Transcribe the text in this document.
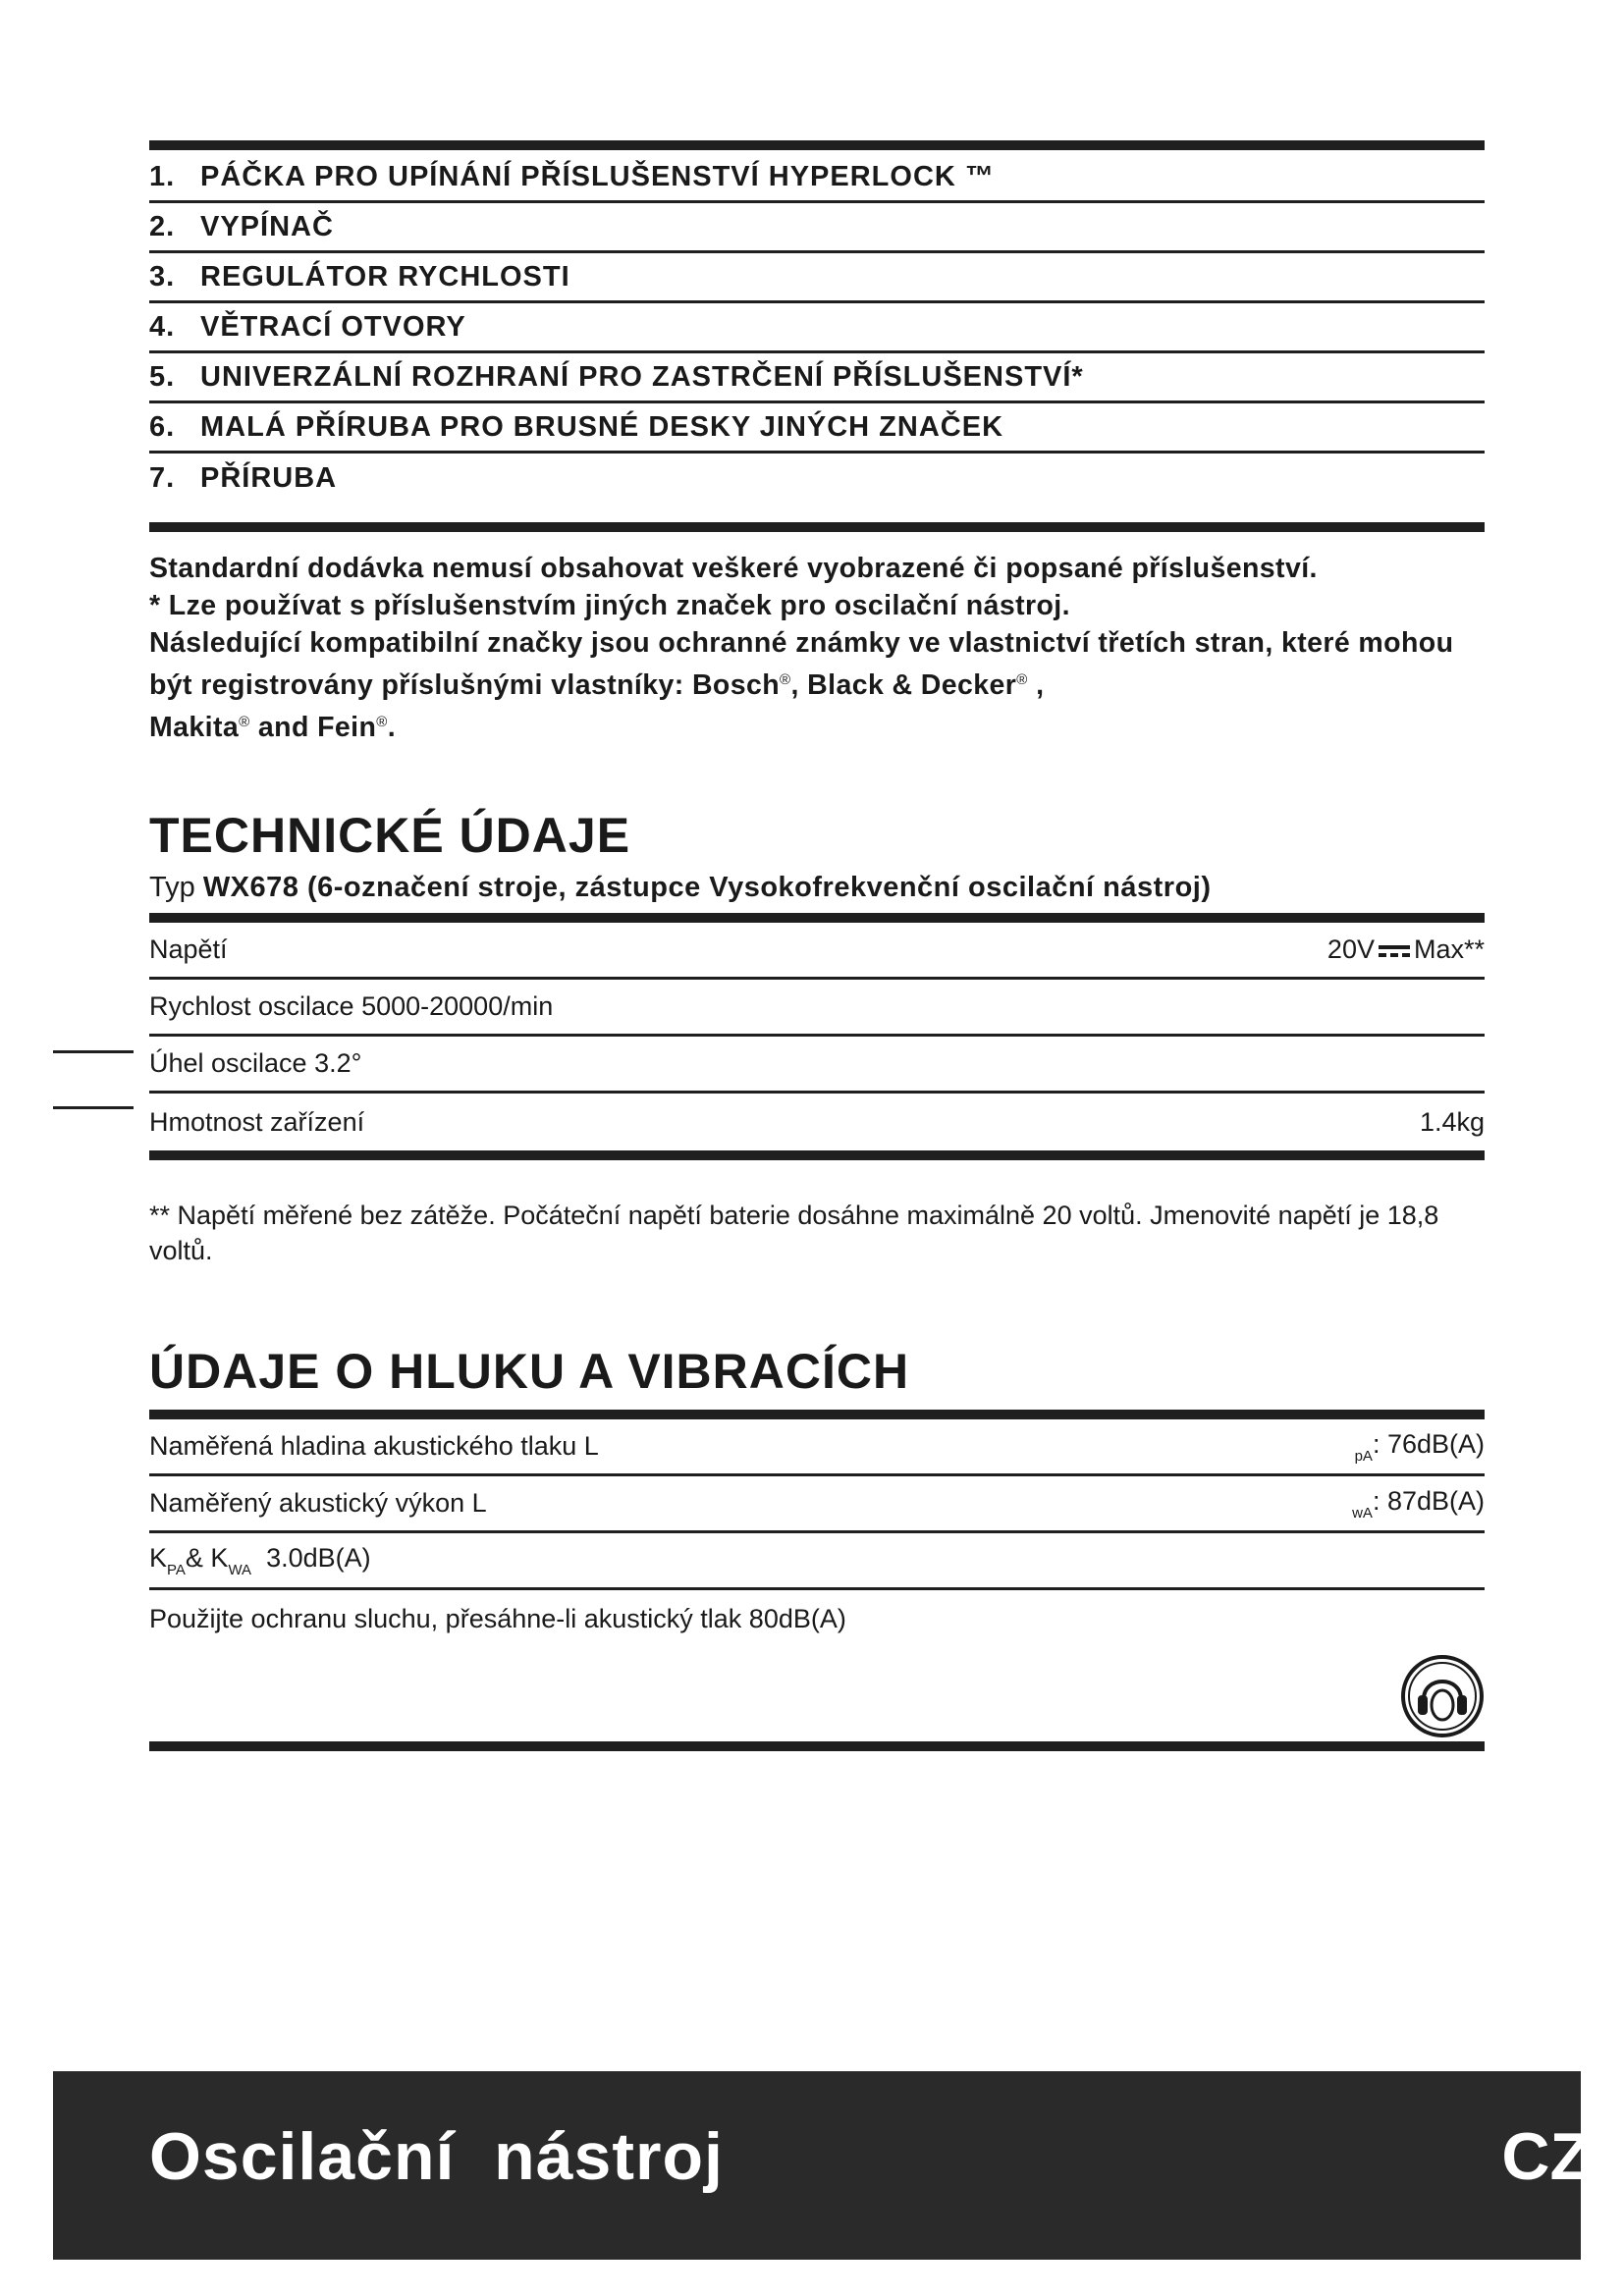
1. PÁČKA PRO UPÍNÁNÍ PŘÍSLUŠENSTVÍ HYPERLOCK ™
2. VYPÍNAČ
3. REGULÁTOR RYCHLOSTI
4. VĚTRACÍ OTVORY
5. UNIVERZÁLNÍ ROZHRANÍ PRO ZASTRČENÍ PŘÍSLUŠENSTVÍ*
6. MALÁ PŘÍRUBA PRO BRUSNÉ DESKY JINÝCH ZNAČEK
7. PŘÍRUBA

Standardní dodávka nemusí obsahovat veškeré vyobrazené či popsané příslušenství.

* Lze používat s příslušenstvím jiných značek pro oscilační nástroj.

Následující kompatibilní značky jsou ochranné známky ve vlastnictví třetích stran, které mohou být registrovány příslušnými vlastníky: Bosch®, Black & Decker® ,
Makita® and Fein®.

TECHNICKÉ ÚDAJE
Typ WX678 (6-označení stroje, zástupce Vysokofrekvenční oscilační nástroj)
Napětí	20V Max**
Rychlost oscilace 5000-20000/min
Úhel oscilace 3.2°
Hmotnost zařízení	1.4kg
** Napětí měřené bez zátěže. Počáteční napětí baterie dosáhne maximálně 20 voltů. Jmenovité napětí je 18,8 voltů.
ÚDAJE O HLUKU A VIBRACÍCH
Naměřená hladina akustického tlaku L	$_{pA}$: 76dB(A)
Naměřený akustický výkon L	$_{wA}$: 87dB(A)
$K_{PA}\&$ $K_{WA}$ 3.0dB(A)
Použijte ochranu sluchu, přesáhne-li akustický tlak 80dB(A)
Oscilační  nástroj	CZ
